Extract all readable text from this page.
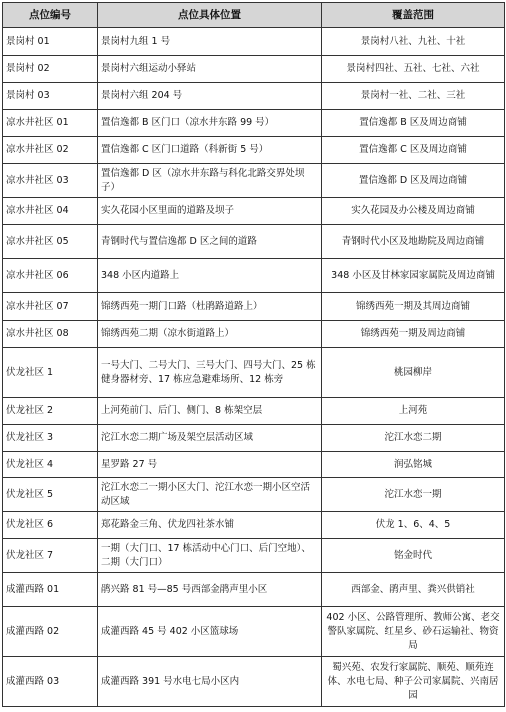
点位编号	点位具体位置	覆盖范围
景岗村 01	景岗村九组 1 号	景岗村八社、九社、十社
景岗村 02	景岗村六组运动小驿站	景岗村四社、五社、七社、六社
景岗村 03	景岗村六组 204 号	景岗村一社、二社、三社
凉水井社区 01	置信逸都 B 区门口（凉水井东路 99 号）	置信逸都 B 区及周边商铺
凉水井社区 02	置信逸都 C 区门口道路（科新街 5 号）	置信逸都 C 区及周边商铺
凉水井社区 03	置信逸都 D 区（凉水井东路与科化北路交界处坝子）	置信逸都 D 区及周边商铺
凉水井社区 04	实久花园小区里面的道路及坝子	实久花园及办公楼及周边商铺
凉水井社区 05	青钢时代与置信逸都 D 区之间的道路	青钢时代小区及地勘院及周边商铺
凉水井社区 06	348 小区内道路上	348 小区及甘林家园家属院及周边商铺
凉水井社区 07	锦绣西苑一期门口路（杜鹃路道路上）	锦绣西苑一期及其周边商铺
凉水井社区 08	锦绣西苑二期（凉水街道路上）	锦绣西苑一期及周边商铺
伏龙社区 1	一号大门、二号大门、三号大门、四号大门、25 栋健身器材旁、17 栋应急避难场所、12 栋旁	桃园柳岸
伏龙社区 2	上河苑前门、后门、侧门、8 栋架空层	上河苑
伏龙社区 3	沱江水恋二期广场及架空层活动区域	沱江水恋二期
伏龙社区 4	星罗路 27 号	润弘铭城
伏龙社区 5	沱江水恋二一期小区大门、沱江水恋一期小区空活动区域	沱江水恋一期
伏龙社区 6	郑花路金三角、伏龙四社茶水铺	伏龙 1、6、4、5
伏龙社区 7	一期（大门口、17 栋活动中心门口、后门空地）、二期（大门口）	铭金时代
成灌西路 01	鹃兴路 81 号—85 号西部金鹃声里小区	西部金、鹃声里、粪兴供销社
成灌西路 02	成灌西路 45 号 402 小区篮球场	402 小区、公路管理所、教师公寓、老交警队家属院、红星乡、砂石运输社、物资局
成灌西路 03	成灌西路 391 号水电七局小区内	蜀兴苑、农发行家属院、顺苑、顺苑连体、水电七局、种子公司家属院、兴南居园
